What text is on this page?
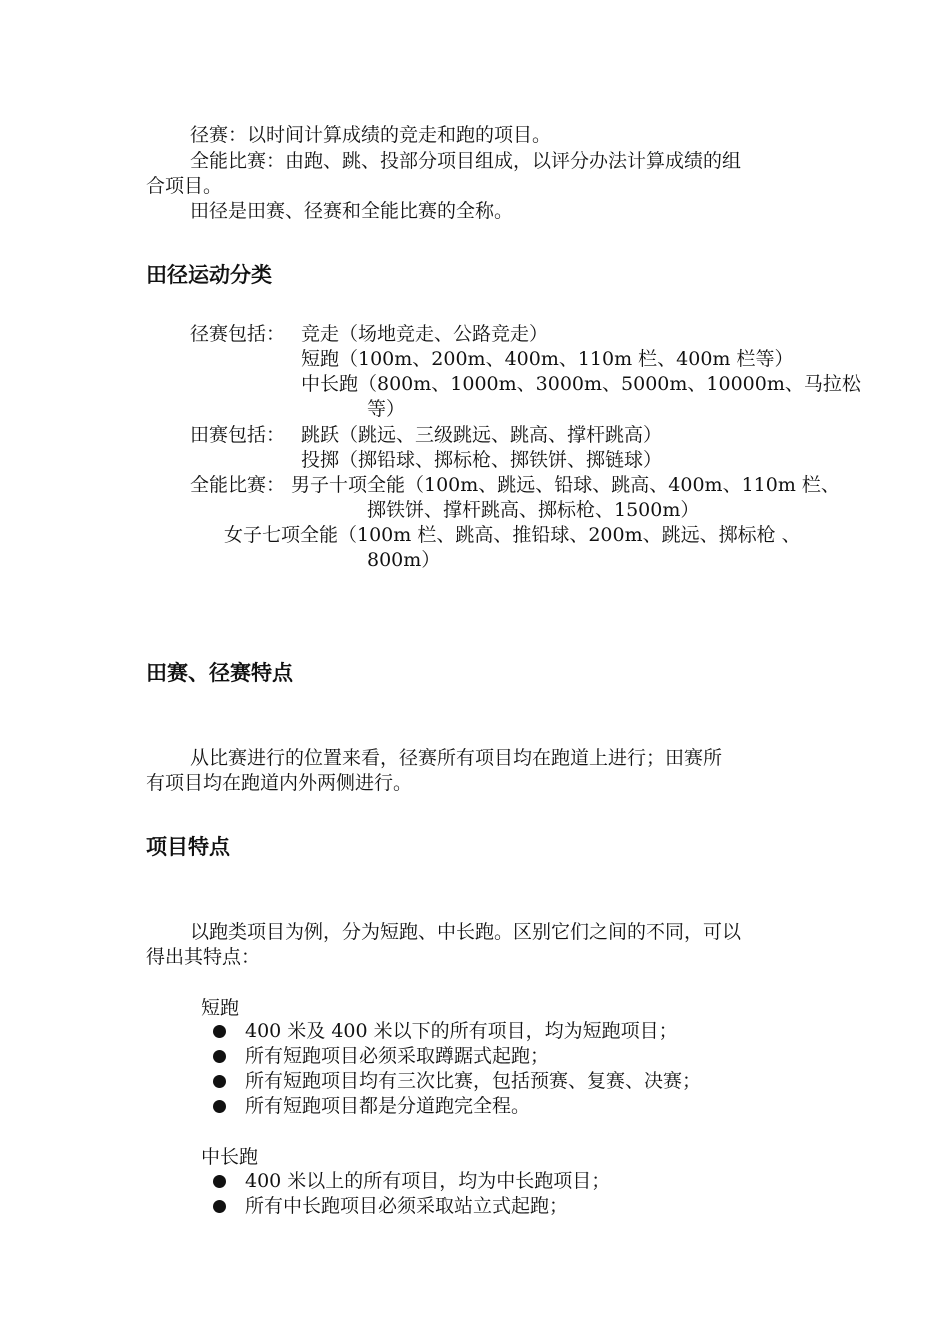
径赛：以时间计算成绩的竞走和跑的项目。
全能比赛：由跑、跳、投部分项目组成，以评分办法计算成绩的组
合项目。
田径是田赛、径赛和全能比赛的全称。
田径运动分类
径赛包括： 竞走（场地竞走、公路竞走）
短跑（100m、200m、400m、110m 栏、400m 栏等）
中长跑（800m、1000m、3000m、5000m、10000m、马拉松
等）
田赛包括： 跳跃（跳远、三级跳远、跳高、撑杆跳高）
投掷（掷铅球、掷标枪、掷铁饼、掷链球）
全能比赛： 男子十项全能（100m、跳远、铅球、跳高、400m、110m 栏、
掷铁饼、撑杆跳高、掷标枪、1500m）
女子七项全能（100m 栏、跳高、推铅球、200m、跳远、掷标枪 、
800m）
田赛、径赛特点
从比赛进行的位置来看，径赛所有项目均在跑道上进行；田赛所
有项目均在跑道内外两侧进行。
项目特点
以跑类项目为例，分为短跑、中长跑。区别它们之间的不同，可以
得出其特点：
短跑
400 米及 400 米以下的所有项目，均为短跑项目；
所有短跑项目必须采取蹲踞式起跑；
所有短跑项目均有三次比赛，包括预赛、复赛、决赛；
所有短跑项目都是分道跑完全程。
中长跑
400 米以上的所有项目，均为中长跑项目；
所有中长跑项目必须采取站立式起跑；
